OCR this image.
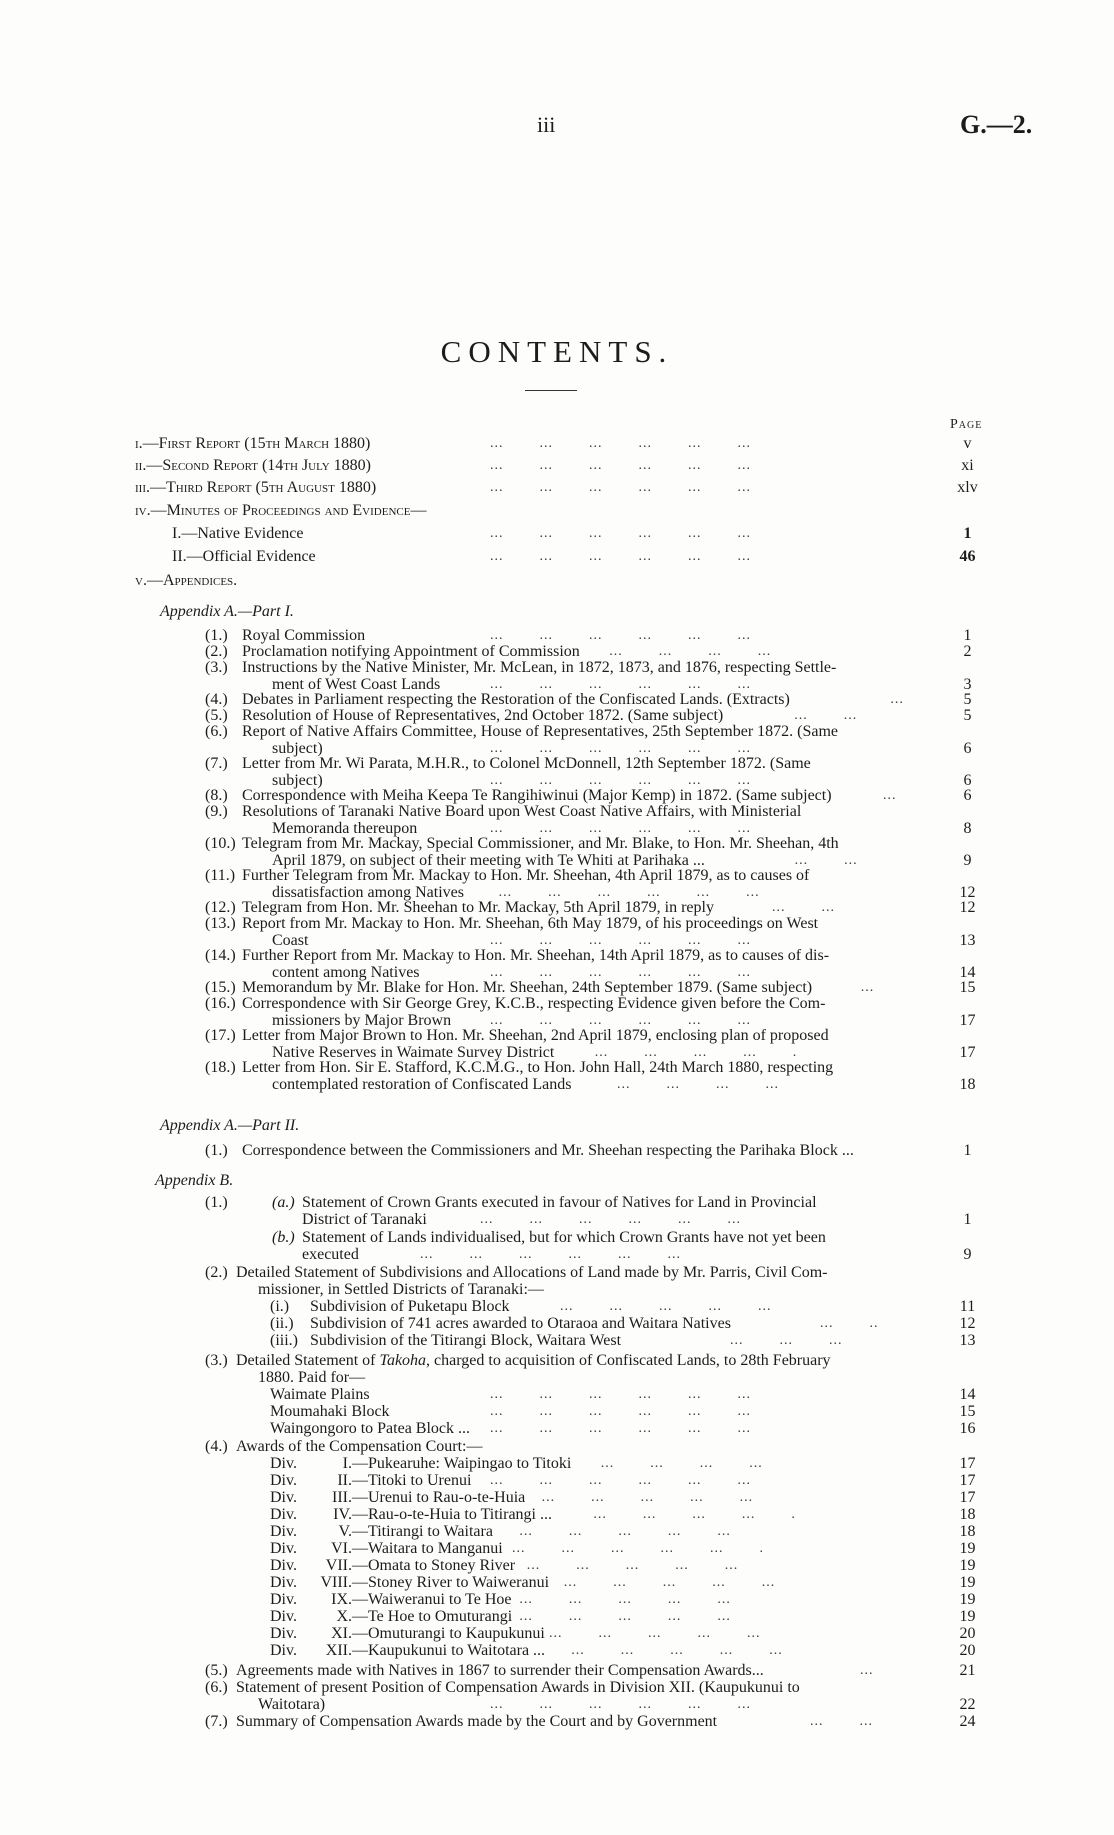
iii	G.—2.
CONTENTS.
Page
i.—First Report (15th March 1880)	...        ...        ...        ...        ...        ...	v
ii.—Second Report (14th July 1880)	...        ...        ...        ...        ...        ...	xi
iii.—Third Report (5th August 1880)	...        ...        ...        ...        ...        ...	xlv
iv.—Minutes of Proceedings and Evidence—
I.—Native Evidence	...        ...        ...        ...        ...        ...	1
II.—Official Evidence	...        ...        ...        ...        ...        ...	46
v.—Appendices.
Appendix A.—Part I.
(1.) Royal Commission	...        ...        ...        ...        ...        ...	1
(2.) Proclamation notifying Appointment of Commission ...        ...        ...        ...	2
(3.) Instructions by the Native Minister, Mr. McLean, in 1872, 1873, and 1876, respecting Settle-
ment of West Coast Lands	...        ...        ...        ...        ...        ...	3
(4.) Debates in Parliament respecting the Restoration of the Confiscated Lands. (Extracts)	...	5
(5.) Resolution of House of Representatives, 2nd October 1872. (Same subject)	...        ...	5
(6.) Report of Native Affairs Committee, House of Representatives, 25th September 1872. (Same
subject)	...        ...        ...        ...        ...        ...	6
(7.) Letter from Mr. Wi Parata, M.H.R., to Colonel McDonnell, 12th September 1872. (Same
subject)	...        ...        ...        ...        ...        ...	6
(8.) Correspondence with Meiha Keepa Te Rangihiwinui (Major Kemp) in 1872. (Same subject)	...	6
(9.) Resolutions of Taranaki Native Board upon West Coast Native Affairs, with Ministerial
Memoranda thereupon	...        ...        ...        ...        ...        ...	8
(10.) Telegram from Mr. Mackay, Special Commissioner, and Mr. Blake, to Hon. Mr. Sheehan, 4th
April 1879, on subject of their meeting with Te Whiti at Parihaka ...	...        ...	9
(11.) Further Telegram from Mr. Mackay to Hon. Mr. Sheehan, 4th April 1879, as to causes of
dissatisfaction among Natives ...        ...        ...        ...        ...        ...	12
(12.) Telegram from Hon. Mr. Sheehan to Mr. Mackay, 5th April 1879, in reply	...        ...	12
(13.) Report from Mr. Mackay to Hon. Mr. Sheehan, 6th May 1879, of his proceedings on West
Coast	...        ...        ...        ...        ...        ...	13
(14.) Further Report from Mr. Mackay to Hon. Mr. Sheehan, 14th April 1879, as to causes of dis-
content among Natives	...        ...        ...        ...        ...        ...	14
(15.) Memorandum by Mr. Blake for Hon. Mr. Sheehan, 24th September 1879. (Same subject)	...	15
(16.) Correspondence with Sir George Grey, K.C.B., respecting Evidence given before the Com-
missioners by Major Brown	...        ...        ...        ...        ...        ...	17
(17.) Letter from Major Brown to Hon. Mr. Sheehan, 2nd April 1879, enclosing plan of proposed
Native Reserves in Waimate Survey District	...        ...        ...        ...        .	17
(18.) Letter from Hon. Sir E. Stafford, K.C.M.G., to Hon. John Hall, 24th March 1880, respecting
contemplated restoration of Confiscated Lands	...        ...        ...        ...	18
Appendix A.—Part II.
(1.) Correspondence between the Commissioners and Mr. Sheehan respecting the Parihaka Block ...	1
Appendix B.
(1.)	(a.) Statement of Crown Grants executed in favour of Natives for Land in Provincial
District of Taranaki	...        ...        ...        ...        ...        ...	1
(b.) Statement of Lands individualised, but for which Crown Grants have not yet been
executed	...        ...        ...        ...        ...        ...	9
(2.) Detailed Statement of Subdivisions and Allocations of Land made by Mr. Parris, Civil Com-
missioner, in Settled Districts of Taranaki:—
(i.) Subdivision of Puketapu Block	...        ...        ...        ...        ...	11
(ii.) Subdivision of 741 acres awarded to Otaraoa and Waitara Natives	...        ..	12
(iii.) Subdivision of the Titirangi Block, Waitara West	...        ...        ...	13
(3.) Detailed Statement of Takoha, charged to acquisition of Confiscated Lands, to 28th February
1880. Paid for—
Waimate Plains	...        ...        ...        ...        ...        ...	14
Moumahaki Block	...        ...        ...        ...        ...        ...	15
Waingongoro to Patea Block ... ...        ...        ...        ...        ...        ...	16
(4.) Awards of the Compensation Court:—
Div.	I. —Pukearuhe: Waipingao to Titoki ...        ...        ...        ...	17
Div.	II. —Titoki to Urenui ...        ...        ...        ...        ...        ...	17
Div.	III. —Urenui to Rau-o-te-Huia ...        ...        ...        ...        ...	17
Div.	IV. —Rau-o-te-Huia to Titirangi ...	...        ...        ...        ...        .	18
Div.	V. —Titirangi to Waitara ...        ...        ...        ...        ...	18
Div.	VI. —Waitara to Manganui ...        ...        ...        ...        ...        .	19
Div.	VII. —Omata to Stoney River ...        ...        ...        ...        ...	19
Div.	VIII. —Stoney River to Waiweranui ...        ...        ...        ...        ...	19
Div.	IX. —Waiweranui to Te Hoe ...        ...        ...        ...        ...	19
Div.	X. —Te Hoe to Omuturangi ...        ...        ...        ...        ...	19
Div.	XI. —Omuturangi to Kaupukunui ...        ...        ...        ...        ...	20
Div.	XII. —Kaupukunui to Waitotara ... ...        ...        ...        ...        ...	20
(5.) Agreements made with Natives in 1867 to surrender their Compensation Awards...	...	21
(6.) Statement of present Position of Compensation Awards in Division XII. (Kaupukunui to
Waitotara)	...        ...        ...        ...        ...        ...	22
(7.) Summary of Compensation Awards made by the Court and by Government	...        ...	24
